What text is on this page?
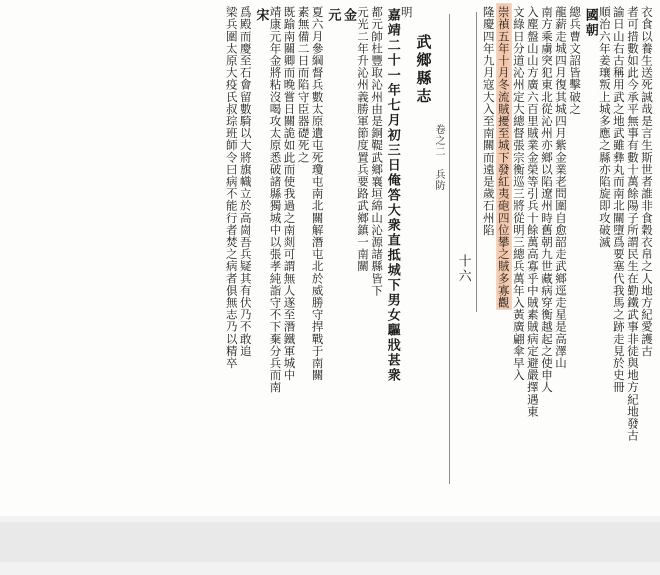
梁兵圍太原大疫氏叔琮班師令曰病不能行者焚之病者俱無志乃以精卒 爲殿而慶至石會留數騎以大將旗幟立於高崗吾兵疑其有伏乃不敢追 宋 靖康元年金將粘沒喝攻太原悉破諸縣獨城中以張孝純詣守不下棄分兵而南 既踰南關卿而晚嘗日關詭如此而使我過之南剡可謂無人遂至潛鐵軍城中 素無備二日而陷守臣器礎死之 夏六月參綱督兵數太原遺屯死瓊屯南北關解潛屯北於威勝守捍戰于南關 元 金 元光二年升沁州義勝軍節度置兵要路武鄉鎮一南關 都元帥杜豐取沁州由是銅鞮武鄉襄垣綿山沁源諸縣皆下 嘉靖二十一年七月初三日俺答大衆直抵城下男女驅戕甚衆 明
武鄉縣志
卷之二 兵防
十六
隆慶四年九月寇大入至南關而遠是歲石州陷 崇禎五年十月冬流賊擾至城下發紅夷砲四位攀之賊多寡觀 文綠日分道沁州定大總督張宗衡巡三將從明三總兵萬年入黃廣翩傘早入 入塵盤山山方廣六百里賊業金榮等引兵十餘萬高寡乎中賊素賊病定避嚴擇遇東 南方乘虜突犯東北從沁州亦鄉以陷遼州時舊朝九世藏病穿衡越起之使申人 龍薪走城四月復其城四月紫金業老問圍自愈韶走武鄉逕走星是高澤山 總兵曹文詔皆擊破之 國朝 順治六年姜瓖叛上城多應之縣亦陷旋即攻破滅 諭日山右古稱用武之地武雖彝丸而南北關墮爲要塞代我馬之跡走見於史冊 者可措數如此今承平無事有數十萬餘陽子所謂民生在勤鐵武事非徒與地方紀地發古 衣食以養生送死誠哉是言生斯世者誰非食穀衣帛之人地方紀愛護古
